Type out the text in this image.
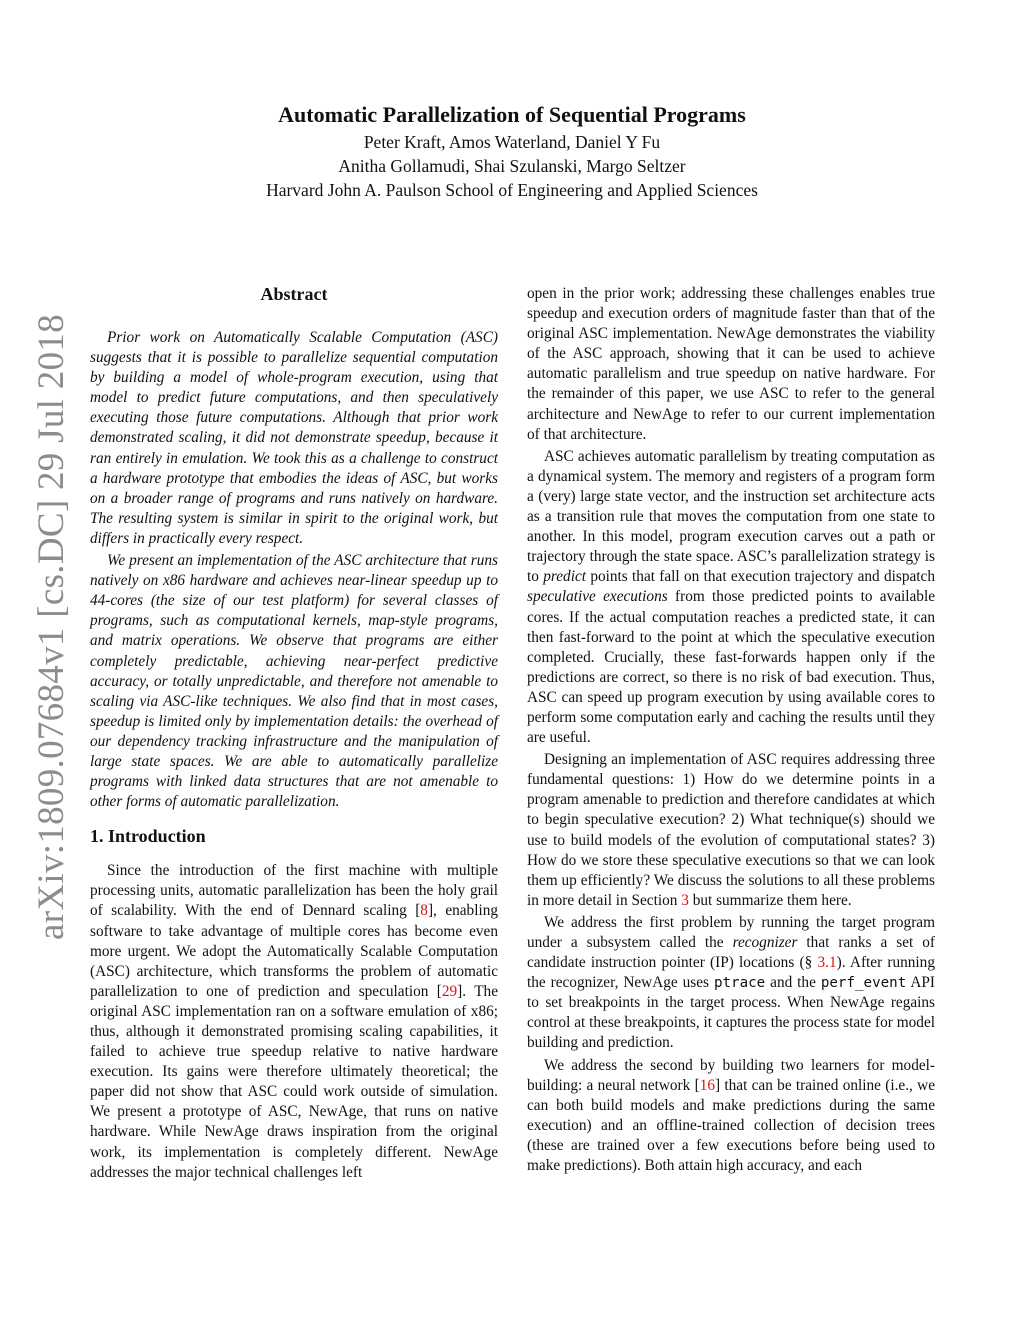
Automatic Parallelization of Sequential Programs

Peter Kraft, Amos Waterland, Daniel Y Fu

Anitha Gollamudi, Shai Szulanski, Margo Seltzer

Harvard John A. Paulson School of Engineering and Applied Sciences

arXiv:1809.07684v1 [cs.DC] 29 Jul 2018
Abstract

Prior work on Automatically Scalable Computation (ASC) suggests that it is possible to parallelize sequential computation by building a model of whole-program execution, using that model to predict future computations, and then speculatively executing those future computations. Although that prior work demonstrated scaling, it did not demonstrate speedup, because it ran entirely in emulation. We took this as a challenge to construct a hardware prototype that embodies the ideas of ASC, but works on a broader range of programs and runs natively on hardware. The resulting system is similar in spirit to the original work, but differs in practically every respect.

We present an implementation of the ASC architecture that runs natively on x86 hardware and achieves near-linear speedup up to 44-cores (the size of our test platform) for several classes of programs, such as computational kernels, map-style programs, and matrix operations. We observe that programs are either completely predictable, achieving near-perfect predictive accuracy, or totally unpredictable, and therefore not amenable to scaling via ASC-like techniques. We also find that in most cases, speedup is limited only by implementation details: the overhead of our dependency tracking infrastructure and the manipulation of large state spaces. We are able to automatically parallelize programs with linked data structures that are not amenable to other forms of automatic parallelization.

1. Introduction

Since the introduction of the first machine with multiple processing units, automatic parallelization has been the holy grail of scalability. With the end of Dennard scaling [8], enabling software to take advantage of multiple cores has become even more urgent. We adopt the Automatically Scalable Computation (ASC) architecture, which transforms the problem of automatic parallelization to one of prediction and speculation [29]. The original ASC implementation ran on a software emulation of x86; thus, although it demonstrated promising scaling capabilities, it failed to achieve true speedup relative to native hardware execution. Its gains were therefore ultimately theoretical; the paper did not show that ASC could work outside of simulation. We present a prototype of ASC, NewAge, that runs on native hardware. While NewAge draws inspiration from the original work, its implementation is completely different. NewAge addresses the major technical challenges left

open in the prior work; addressing these challenges enables true speedup and execution orders of magnitude faster than that of the original ASC implementation. NewAge demonstrates the viability of the ASC approach, showing that it can be used to achieve automatic parallelism and true speedup on native hardware. For the remainder of this paper, we use ASC to refer to the general architecture and NewAge to refer to our current implementation of that architecture.

ASC achieves automatic parallelism by treating computation as a dynamical system. The memory and registers of a program form a (very) large state vector, and the instruction set architecture acts as a transition rule that moves the computation from one state to another. In this model, program execution carves out a path or trajectory through the state space. ASC’s parallelization strategy is to predict points that fall on that execution trajectory and dispatch speculative executions from those predicted points to available cores. If the actual computation reaches a predicted state, it can then fast-forward to the point at which the speculative execution completed. Crucially, these fast-forwards happen only if the predictions are correct, so there is no risk of bad execution. Thus, ASC can speed up program execution by using available cores to perform some computation early and caching the results until they are useful.

Designing an implementation of ASC requires addressing three fundamental questions: 1) How do we determine points in a program amenable to prediction and therefore candidates at which to begin speculative execution? 2) What technique(s) should we use to build models of the evolution of computational states? 3) How do we store these speculative executions so that we can look them up efficiently? We discuss the solutions to all these problems in more detail in Section 3 but summarize them here.

We address the first problem by running the target program under a subsystem called the recognizer that ranks a set of candidate instruction pointer (IP) locations (§ 3.1). After running the recognizer, NewAge uses ptrace and the perf_event API to set breakpoints in the target process. When NewAge regains control at these breakpoints, it captures the process state for model building and prediction.

We address the second by building two learners for model-building: a neural network [16] that can be trained online (i.e., we can both build models and make predictions during the same execution) and an offline-trained collection of decision trees (these are trained over a few executions before being used to make predictions). Both attain high accuracy, and each
